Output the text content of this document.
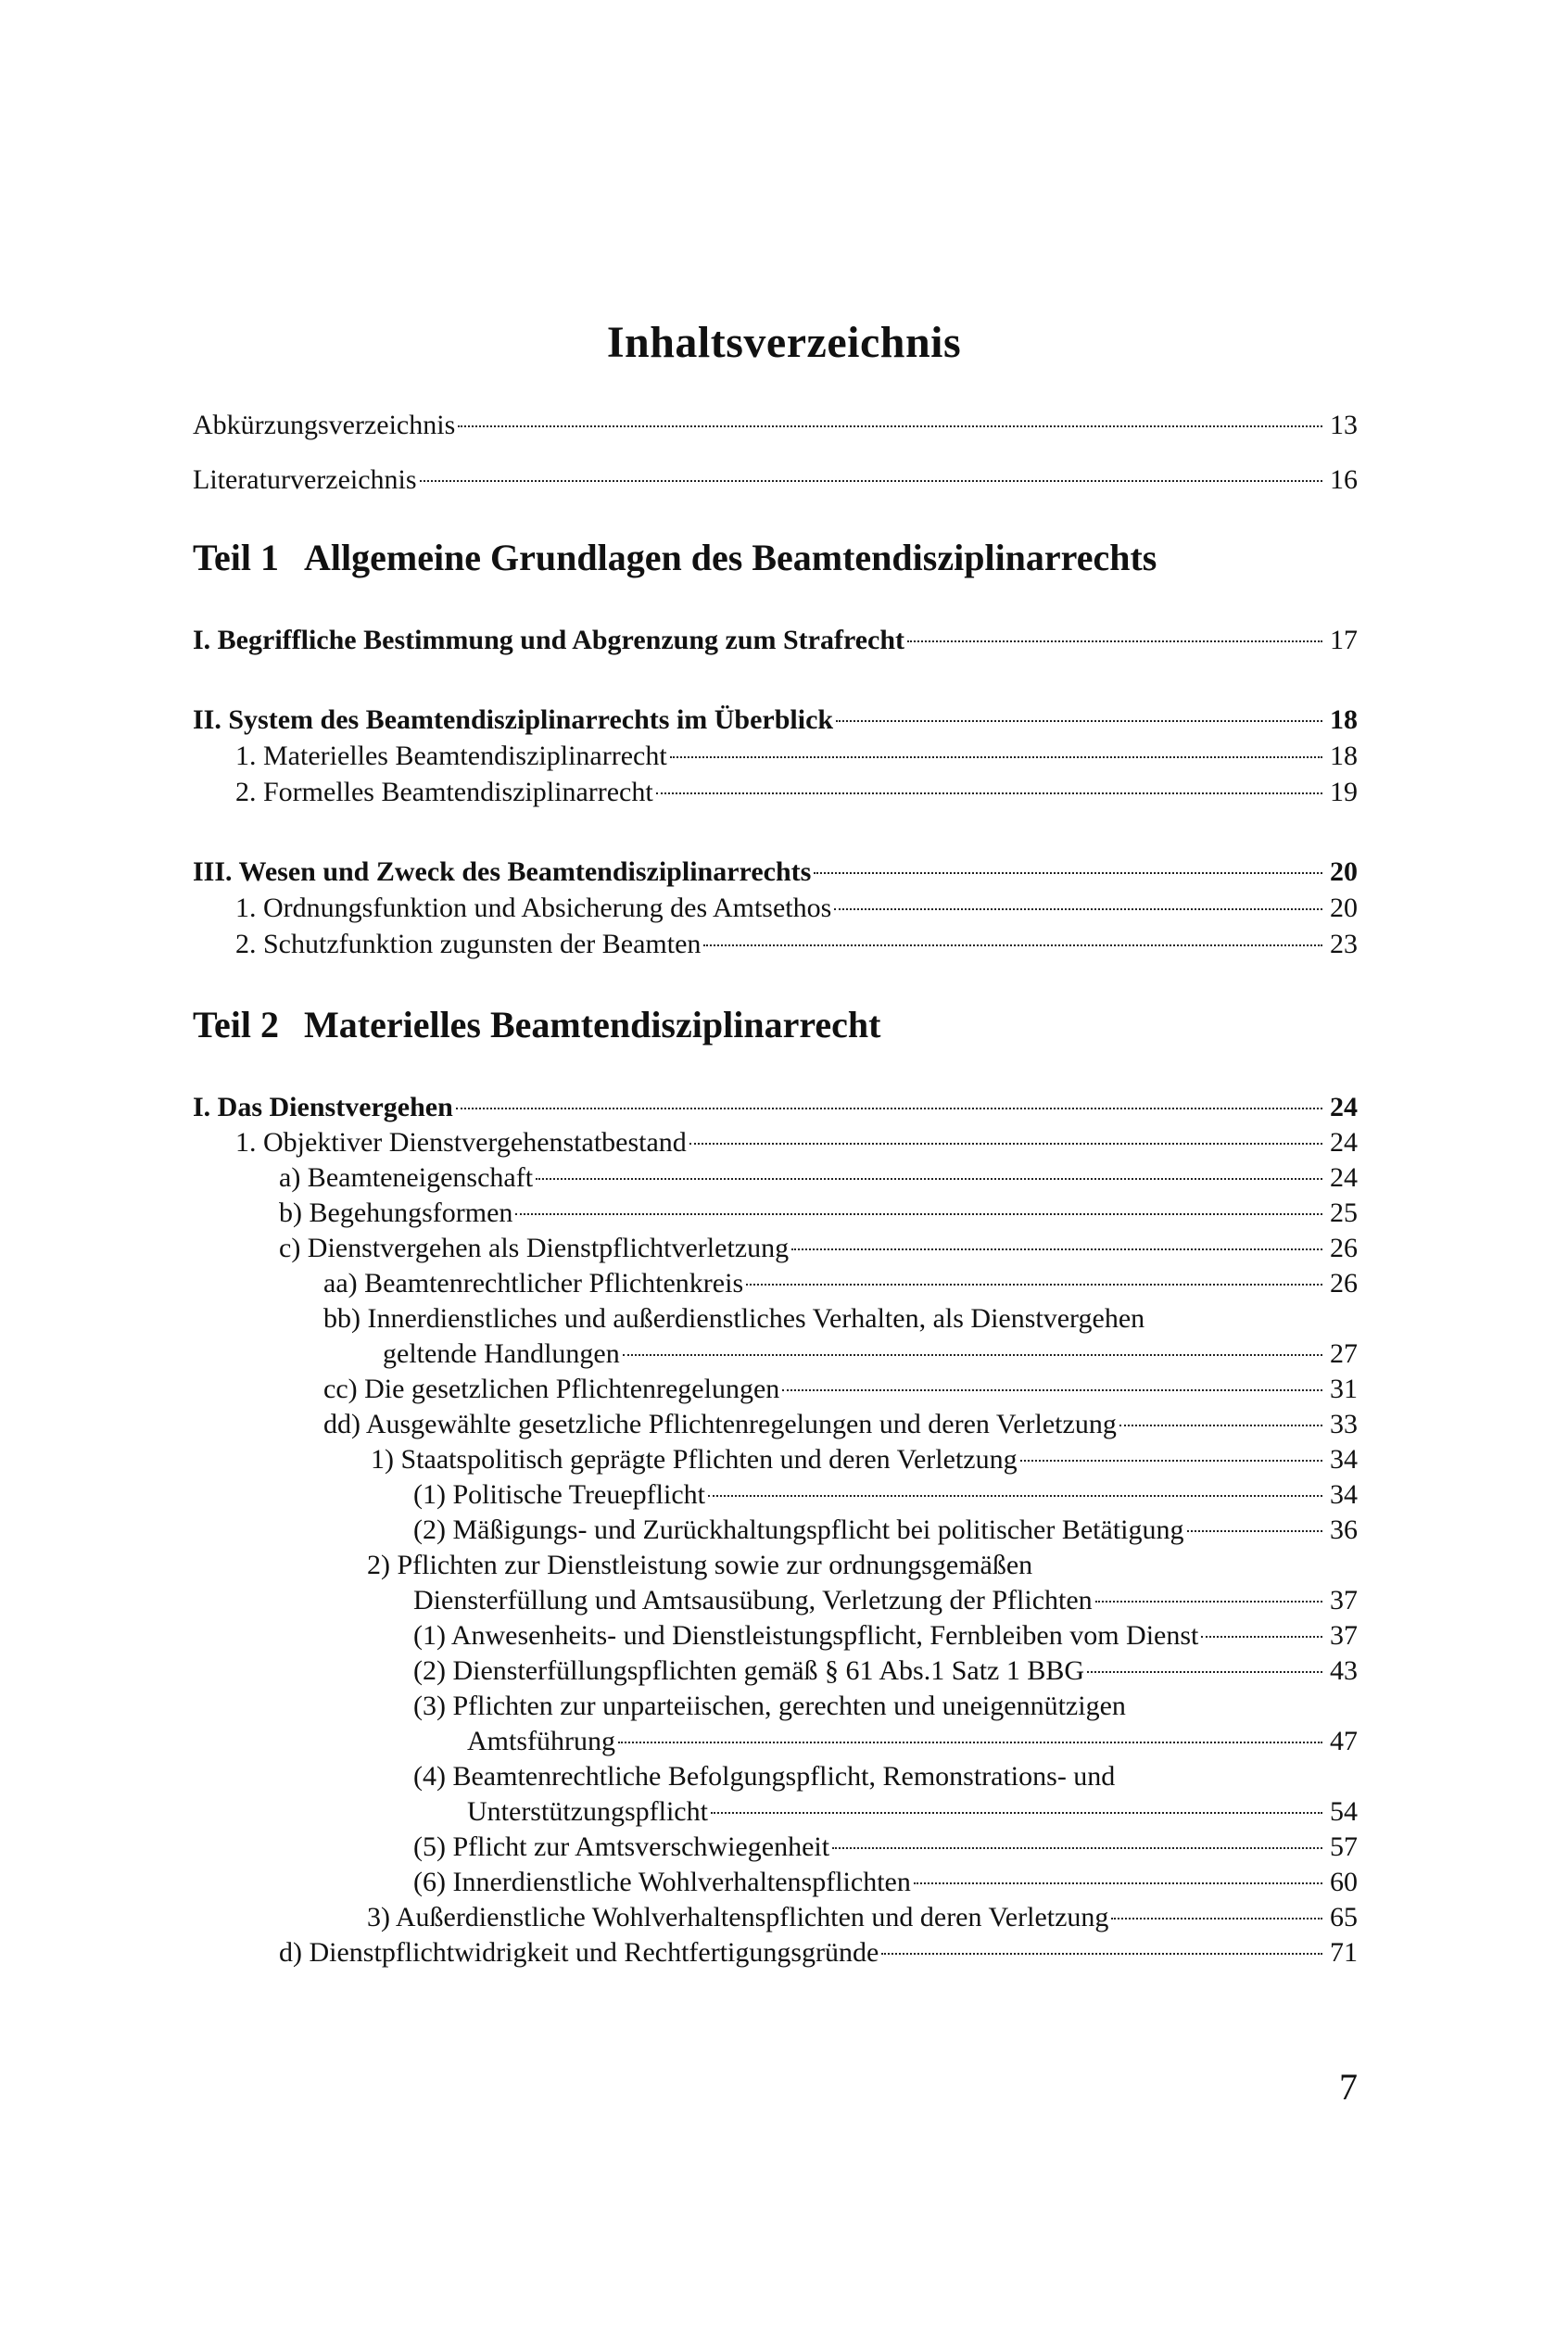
Inhaltsverzeichnis
Abkürzungsverzeichnis	13
Literaturverzeichnis	16
Teil 1 Allgemeine Grundlagen des Beamtendisziplinarrechts
I. Begriffliche Bestimmung und Abgrenzung zum Strafrecht	17
II. System des Beamtendisziplinarrechts im Überblick	18
1. Materielles Beamtendisziplinarrecht	18
2. Formelles Beamtendisziplinarrecht	19
III. Wesen und Zweck des Beamtendisziplinarrechts	20
1. Ordnungsfunktion und Absicherung des Amtsethos	20
2. Schutzfunktion zugunsten der Beamten	23
Teil 2 Materielles Beamtendisziplinarrecht
I. Das Dienstvergehen	24
1. Objektiver Dienstvergehenstatbestand	24
a) Beamteneigenschaft	24
b) Begehungsformen	25
c) Dienstvergehen als Dienstpflichtverletzung	26
aa) Beamtenrechtlicher Pflichtenkreis	26
bb) Innerdienstliches und außerdienstliches Verhalten, als Dienstvergehen
geltende Handlungen	27
cc) Die gesetzlichen Pflichtenregelungen	31
dd) Ausgewählte gesetzliche Pflichtenregelungen und deren Verletzung	33
1) Staatspolitisch geprägte Pflichten und deren Verletzung	34
(1) Politische Treuepflicht	34
(2) Mäßigungs- und Zurückhaltungspflicht bei politischer Betätigung	36
2) Pflichten zur Dienstleistung sowie zur ordnungsgemäßen
Diensterfüllung und Amtsausübung, Verletzung der Pflichten	37
(1) Anwesenheits- und Dienstleistungspflicht, Fernbleiben vom Dienst	37
(2) Diensterfüllungspflichten gemäß § 61 Abs.1 Satz 1 BBG	43
(3) Pflichten zur unparteiischen, gerechten und uneigennützigen
Amtsführung	47
(4) Beamtenrechtliche Befolgungspflicht, Remonstrations- und
Unterstützungspflicht	54
(5) Pflicht zur Amtsverschwiegenheit	57
(6) Innerdienstliche Wohlverhaltenspflichten	60
3) Außerdienstliche Wohlverhaltenspflichten und deren Verletzung	65
d) Dienstpflichtwidrigkeit und Rechtfertigungsgründe	71
7
